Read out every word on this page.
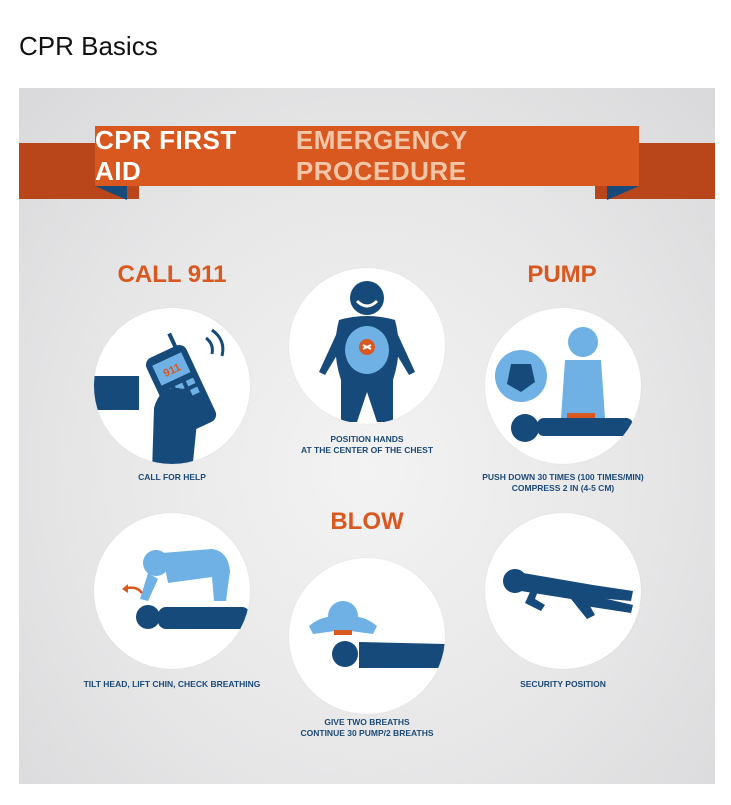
CPR Basics
CPR FIRST AID
EMERGENCY PROCEDURE
CALL 911	PUMP
BLOW
911
CALL FOR HELP
POSITION HANDS
AT THE CENTER OF THE CHEST
PUSH DOWN 30 TIMES (100 TIMES/MIN)
COMPRESS 2 IN (4-5 CM)
TILT HEAD, LIFT CHIN, CHECK BREATHING
GIVE TWO BREATHS
CONTINUE 30 PUMP/2 BREATHS
SECURITY POSITION
